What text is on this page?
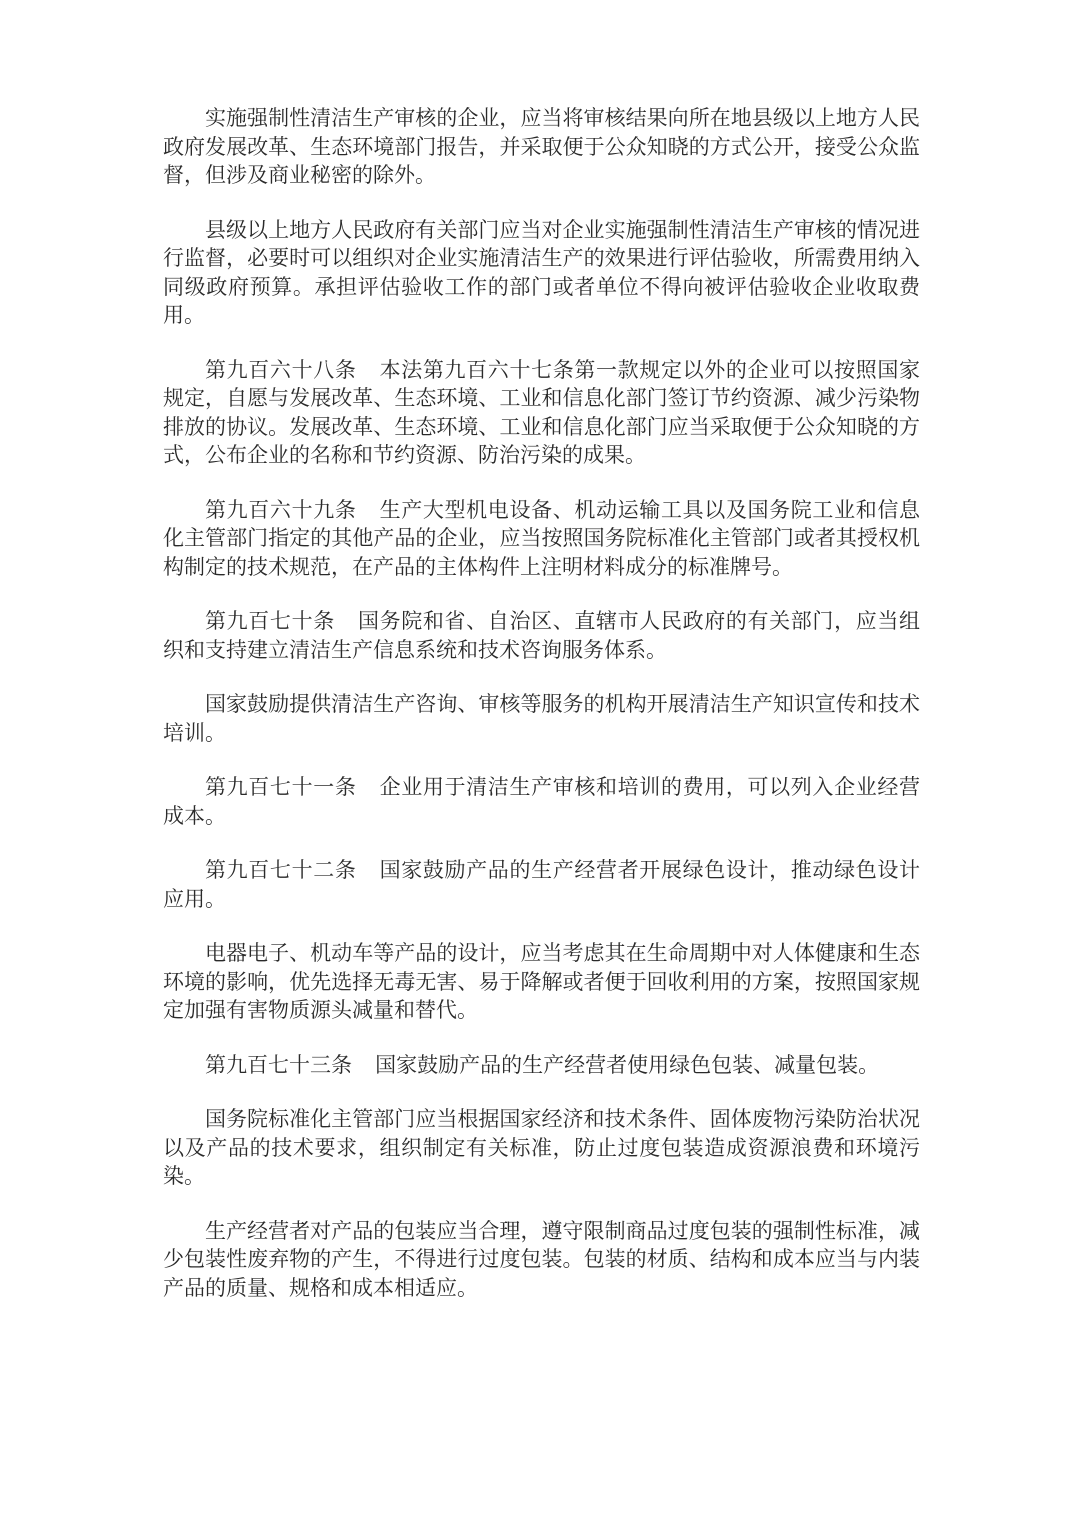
实施强制性清洁生产审核的企业，应当将审核结果向所在地县级以上地方人民政府发展改革、生态环境部门报告，并采取便于公众知晓的方式公开，接受公众监督，但涉及商业秘密的除外。

县级以上地方人民政府有关部门应当对企业实施强制性清洁生产审核的情况进行监督，必要时可以组织对企业实施清洁生产的效果进行评估验收，所需费用纳入同级政府预算。承担评估验收工作的部门或者单位不得向被评估验收企业收取费用。

第九百六十八条 本法第九百六十七条第一款规定以外的企业可以按照国家规定，自愿与发展改革、生态环境、工业和信息化部门签订节约资源、减少污染物排放的协议。发展改革、生态环境、工业和信息化部门应当采取便于公众知晓的方式，公布企业的名称和节约资源、防治污染的成果。

第九百六十九条 生产大型机电设备、机动运输工具以及国务院工业和信息化主管部门指定的其他产品的企业，应当按照国务院标准化主管部门或者其授权机构制定的技术规范，在产品的主体构件上注明材料成分的标准牌号。

第九百七十条 国务院和省、自治区、直辖市人民政府的有关部门，应当组织和支持建立清洁生产信息系统和技术咨询服务体系。

国家鼓励提供清洁生产咨询、审核等服务的机构开展清洁生产知识宣传和技术培训。

第九百七十一条 企业用于清洁生产审核和培训的费用，可以列入企业经营成本。

第九百七十二条 国家鼓励产品的生产经营者开展绿色设计，推动绿色设计应用。

电器电子、机动车等产品的设计，应当考虑其在生命周期中对人体健康和生态环境的影响，优先选择无毒无害、易于降解或者便于回收利用的方案，按照国家规定加强有害物质源头减量和替代。

第九百七十三条 国家鼓励产品的生产经营者使用绿色包装、减量包装。

国务院标准化主管部门应当根据国家经济和技术条件、固体废物污染防治状况以及产品的技术要求，组织制定有关标准，防止过度包装造成资源浪费和环境污染。

生产经营者对产品的包装应当合理，遵守限制商品过度包装的强制性标准，减少包装性废弃物的产生，不得进行过度包装。包装的材质、结构和成本应当与内装产品的质量、规格和成本相适应。
